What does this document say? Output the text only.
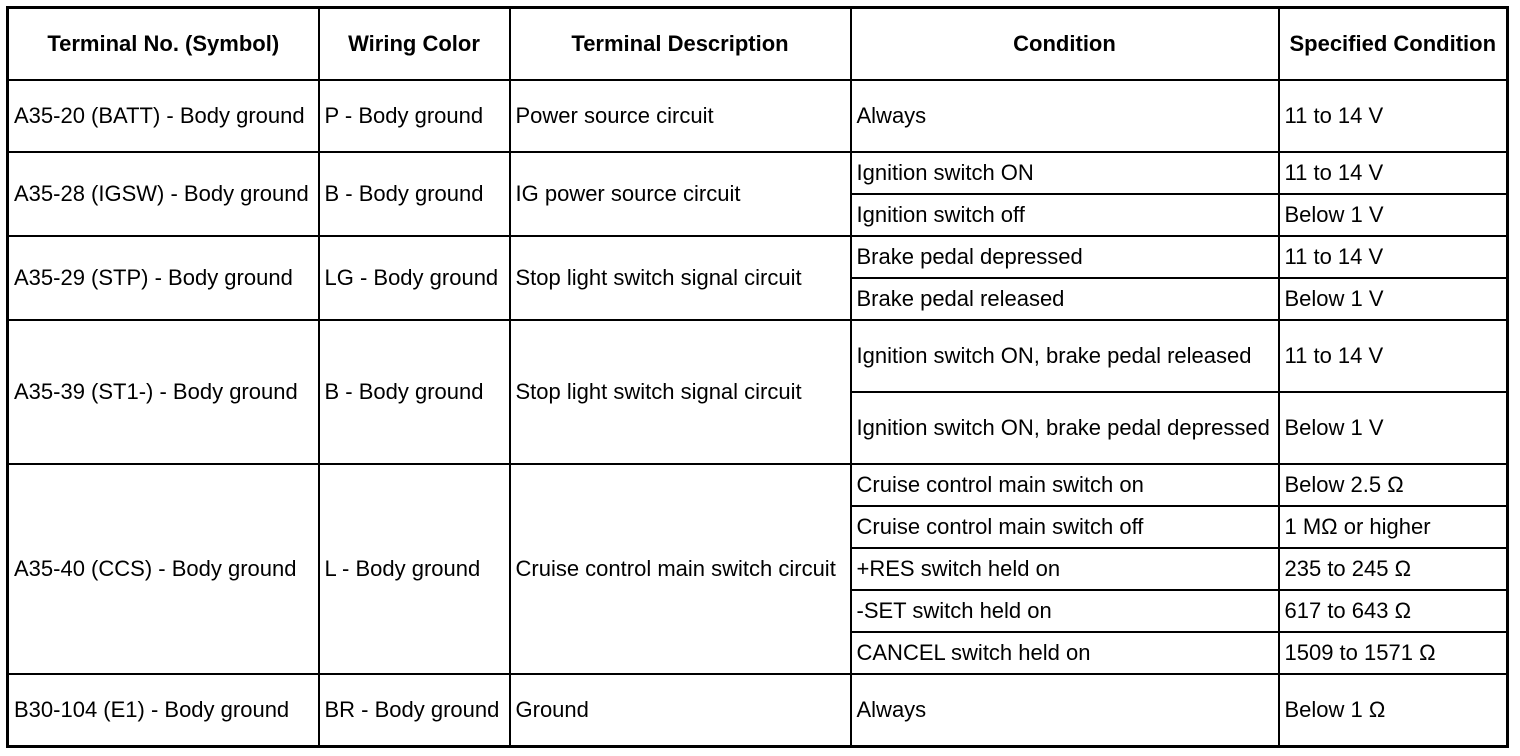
Terminal No. (Symbol)	Wiring Color	Terminal Description	Condition	Specified Condition
A35-20 (BATT) - Body ground	P - Body ground	Power source circuit	Always	11 to 14 V
A35-28 (IGSW) - Body ground	B - Body ground	IG power source circuit	Ignition switch ON	11 to 14 V
			Ignition switch off	Below 1 V
A35-29 (STP) - Body ground	LG - Body ground	Stop light switch signal circuit	Brake pedal depressed	11 to 14 V
			Brake pedal released	Below 1 V
A35-39 (ST1-) - Body ground	B - Body ground	Stop light switch signal circuit	Ignition switch ON, brake pedal released	11 to 14 V
			Ignition switch ON, brake pedal depressed	Below 1 V
A35-40 (CCS) - Body ground	L - Body ground	Cruise control main switch circuit	Cruise control main switch on	Below 2.5 Ω
			Cruise control main switch off	1 MΩ or higher
			+RES switch held on	235 to 245 Ω
			-SET switch held on	617 to 643 Ω
			CANCEL switch held on	1509 to 1571 Ω
B30-104 (E1) - Body ground	BR - Body ground	Ground	Always	Below 1 Ω
